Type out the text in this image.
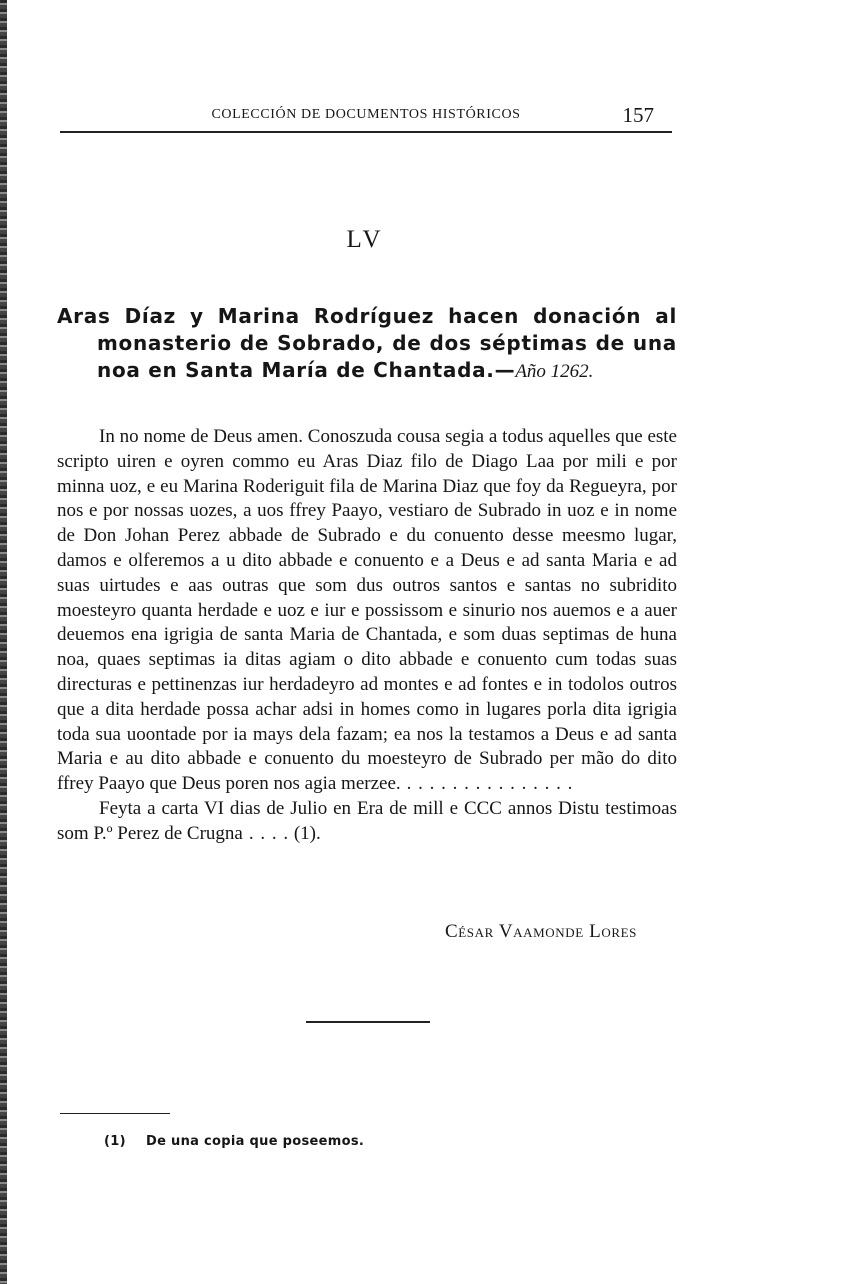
COLECCIÓN DE DOCUMENTOS HISTÓRICOS	157
LV
Aras Díaz y Marina Rodríguez hacen donación al
monasterio de Sobrado, de dos séptimas de una
noa en Santa María de Chantada.—Año 1262.

In no nome de Deus amen. Conoszuda cousa segia a todus aquelles que este scripto uiren e oyren commo eu Aras Diaz filo de Diago Laa por mili e por minna uoz, e eu Marina Roderiguit fila de Marina Diaz que foy da Regueyra, por nos e por nossas uozes, a uos ffrey Paayo, vestiaro de Subrado in uoz e in nome de Don Johan Perez abbade de Subrado e du conuento desse meesmo lugar, damos e olferemos a u dito abbade e conuento e a Deus e ad santa Maria e ad suas uirtudes e aas outras que som dus outros santos e santas no subridito moesteyro quanta herdade e uoz e iur e possissom e sinurio nos auemos e a auer deuemos ena igrigia de santa Maria de Chantada, e som duas septimas de huna noa, quaes septimas ia ditas agiam o dito abbade e conuento cum todas suas directuras e pettinenzas iur herdadeyro ad montes e ad fontes e in todolos outros que a dita herdade possa achar adsi in homes como in lugares porla dita igrigia toda sua uoontade por ia mays dela fazam; ea nos la testamos a Deus e ad santa Maria e au dito abbade e conuento du moesteyro de Subrado per mão do dito ffrey Paayo que Deus poren nos agia merzee. . . . . . . . . . . . . . . .

Feyta a carta VI dias de Julio en Era de mill e CCC annos Distu testimoas som P.º Perez de Crugna . . . . (1).

César Vaamonde Lores
(1) De una copia que poseemos.
